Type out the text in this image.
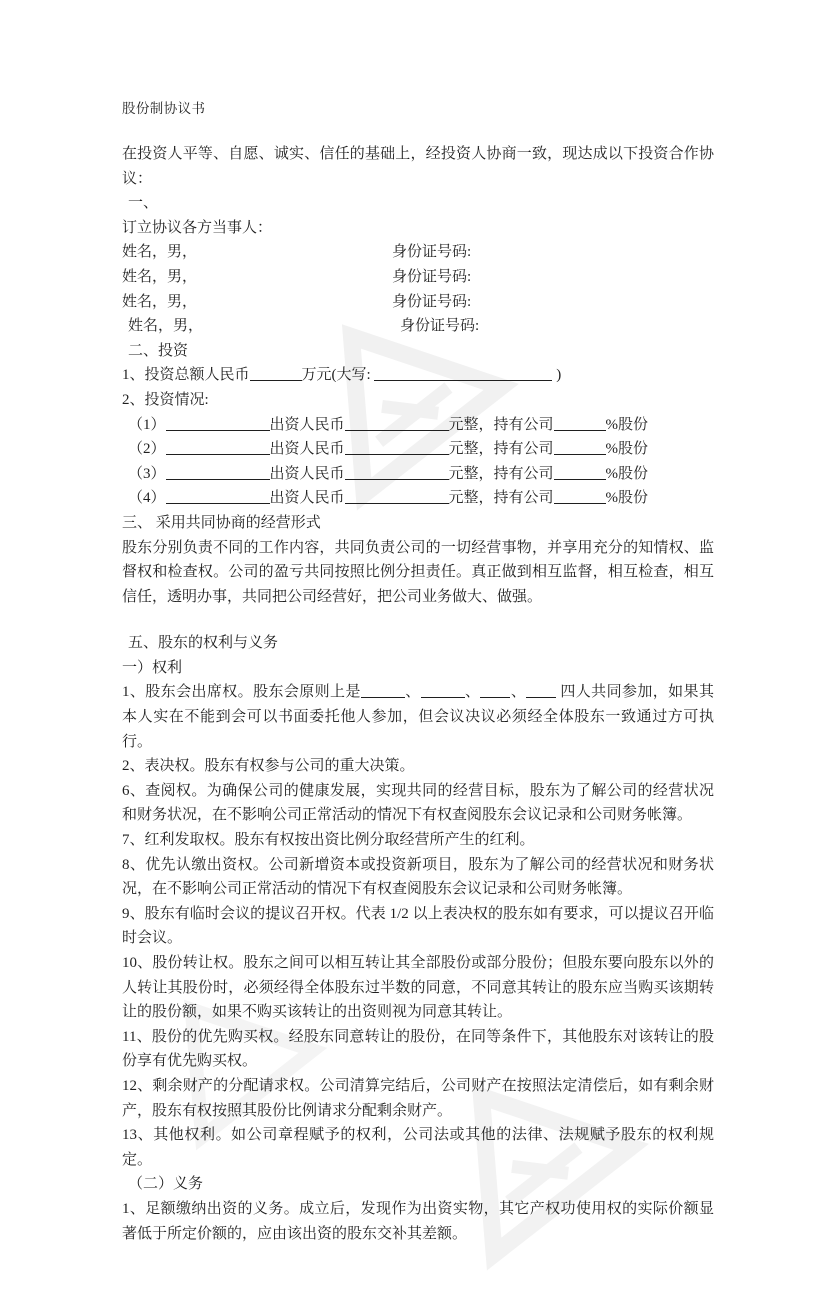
股份制协议书

在投资人平等、自愿、诚实、信任的基础上，经投资人协商一致，现达成以下投资合作协议：

一、

订立协议各方当事人：

姓名，男，	身份证号码:
姓名，男，	身份证号码:
姓名，男，	身份证号码:
姓名，男，	身份证号码:

二、投资

1、投资总额人民币	万元(大写:	)

2、投资情况:

（1）	出资人民币	元整，持有公司	%股份

（2）	出资人民币	元整，持有公司	%股份

（3）	出资人民币	元整，持有公司	%股份

（4）	出资人民币	元整，持有公司	%股份

三、 采用共同协商的经营形式

股东分别负责不同的工作内容，共同负责公司的一切经营事物，并享用充分的知情权、监督权和检查权。公司的盈亏共同按照比例分担责任。真正做到相互监督，相互检查，相互信任，透明办事，共同把公司经营好，把公司业务做大、做强。

五、股东的权利与义务

一）权利

1、股东会出席权。股东会原则上是	、	、 、 四人共同参加，如果其本人实在不能到会可以书面委托他人参加，但会议决议必须经全体股东一致通过方可执行。

2、表决权。股东有权参与公司的重大决策。

6、查阅权。为确保公司的健康发展，实现共同的经营目标，股东为了解公司的经营状况和财务状况，在不影响公司正常活动的情况下有权查阅股东会议记录和公司财务帐簿。

7、红利发取权。股东有权按出资比例分取经营所产生的红利。

8、优先认缴出资权。公司新增资本或投资新项目，股东为了解公司的经营状况和财务状况，在不影响公司正常活动的情况下有权查阅股东会议记录和公司财务帐簿。

9、股东有临时会议的提议召开权。代表 1/2 以上表决权的股东如有要求，可以提议召开临时会议。

10、股份转让权。股东之间可以相互转让其全部股份或部分股份；但股东要向股东以外的人转让其股份时，必须经得全体股东过半数的同意，不同意其转让的股东应当购买该期转让的股份额，如果不购买该转让的出资则视为同意其转让。

11、股份的优先购买权。经股东同意转让的股份，在同等条件下，其他股东对该转让的股份享有优先购买权。

12、剩余财产的分配请求权。公司清算完结后，公司财产在按照法定清偿后，如有剩余财产，股东有权按照其股份比例请求分配剩余财产。

13、其他权利。如公司章程赋予的权利，公司法或其他的法律、法规赋予股东的权利规定。

（二）义务

1、足额缴纳出资的义务。成立后，发现作为出资实物，其它产权功使用权的实际价额显著低于所定价额的，应由该出资的股东交补其差额。
